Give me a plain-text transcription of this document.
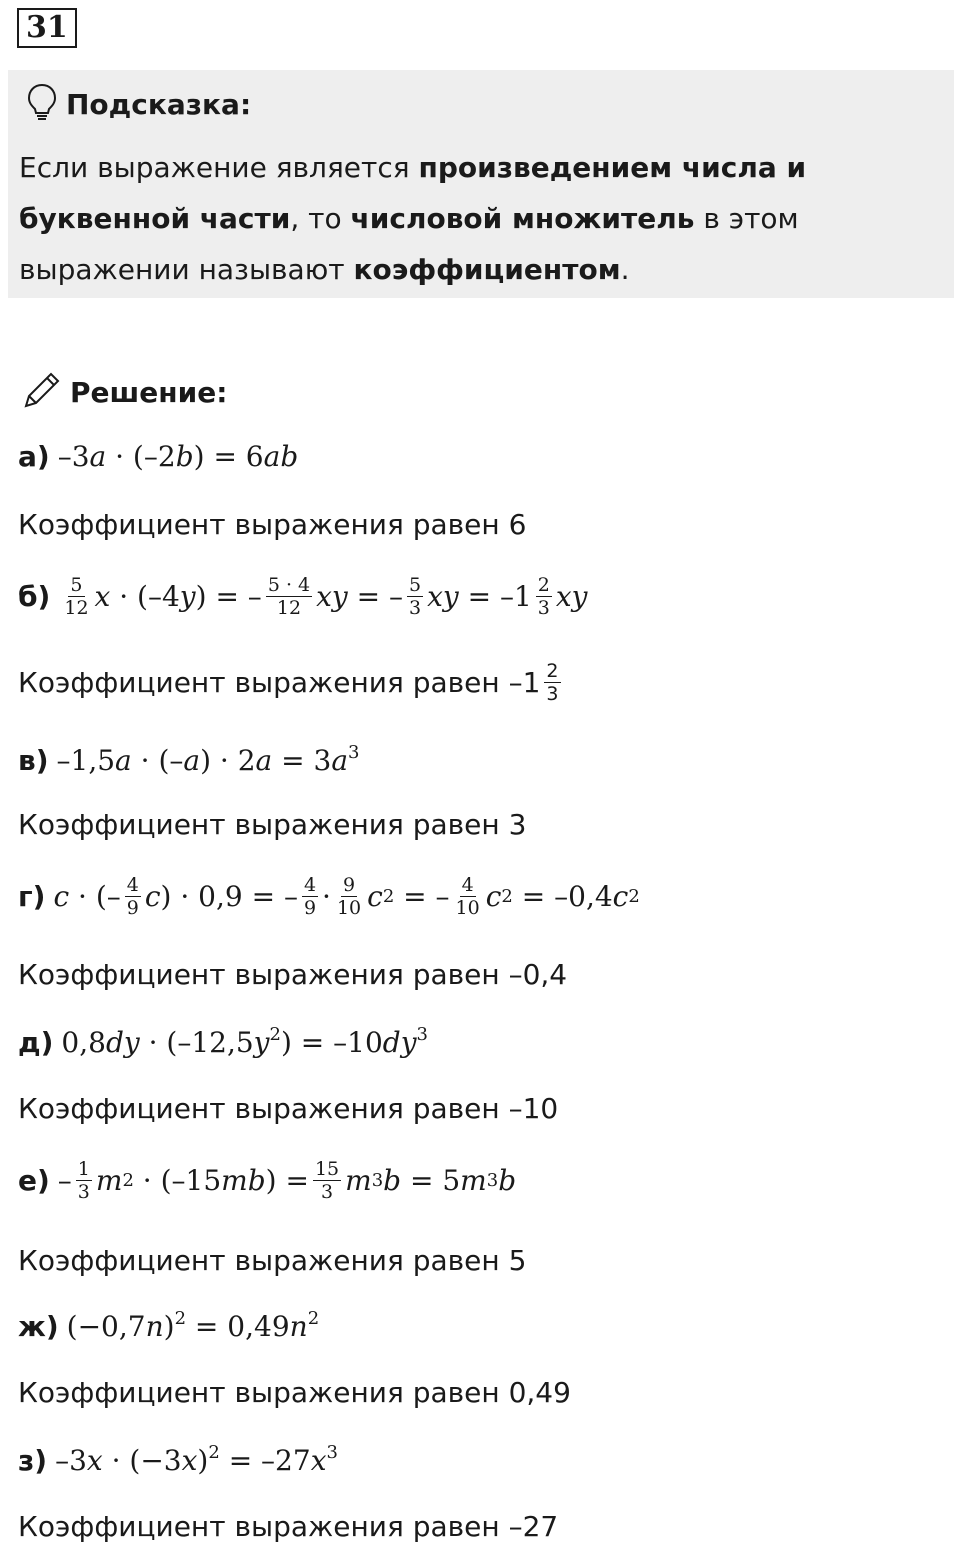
31
Подсказка:
Если выражение является произведением числа и буквенной части, то числовой множитель в этом выражении называют коэффициентом.
Решение:
а) –3a · (–2b) = 6ab
Коэффициент выражения равен
6
$б) \frac{5}{12}$ x · (–4 y ) = – $\frac{5 \cdot 4}{12}$ xy = – $\frac{5}{3}$ xy = $-1 \frac{2}{3}$ xy
Коэффициент выражения равен
$-1 \frac{2}{3}$
в) $-1,5a \cdot (-a) \cdot 2a = 3a^3$
Коэффициент выражения равен
3
г) c · (– $\frac{4}{9}$ c ) · 0,9 = – $\frac{4}{9} \cdot \frac{9}{10}$ c 2 = – $\frac{4}{10}$ c 2 = –0,4 c 2
Коэффициент выражения равен
–0,4
д) $0,8dy \cdot (-12,5y^2) = -10dy^3$
Коэффициент выражения равен
–10
$е) - \frac{1}{3}$ m 2 · (–15 mb ) = $\frac{15}{3}$ m 3 b = 5 m 3 b
Коэффициент выражения равен
5
ж) $(-0,7n)^2 = 0,49n^2$
Коэффициент выражения равен
0,49
з) $-3x \cdot (-3x)^2 = -27x^3$
Коэффициент выражения равен
–27
